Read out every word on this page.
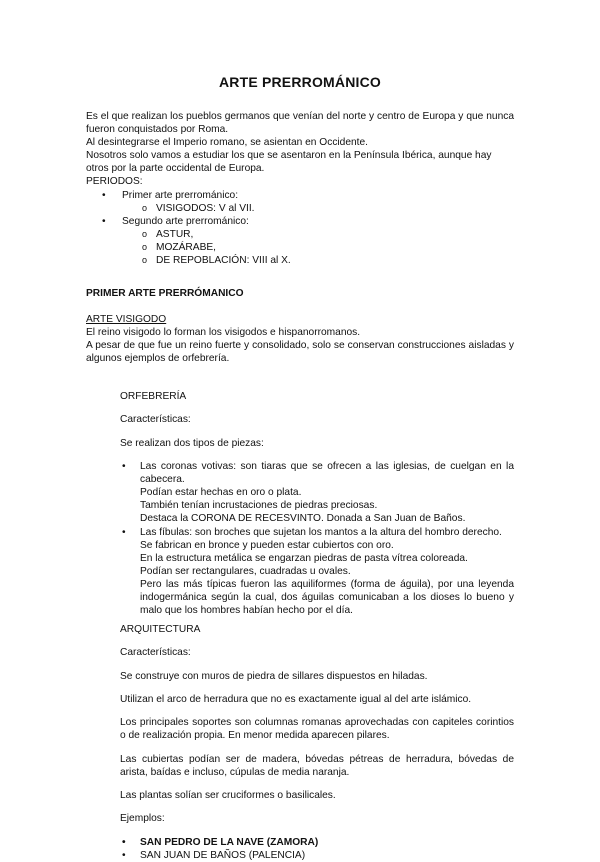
ARTE PRERROMÁNICO

Es el que realizan los pueblos germanos que venían del norte y centro de Europa y que nunca fueron conquistados por Roma.

Al desintegrarse el Imperio romano, se asientan en Occidente.

Nosotros solo vamos a estudiar los que se asentaron en la Península Ibérica, aunque hay otros por la parte occidental de Europa.

PERIODOS:

• Primer arte prerrománico:
o VISIGODOS: V al VII.
• Segundo arte prerrománico:
o ASTUR,
o MOZÁRABE,
o DE REPOBLACIÓN: VIII al X.
PRIMER ARTE PRERRÓMANICO

ARTE VISIGODO

El reino visigodo lo forman los visigodos e hispanorromanos.

A pesar de que fue un reino fuerte y consolidado, solo se conservan construcciones aisladas y algunos ejemplos de orfebrería.

ORFEBRERÍA

Características:

Se realizan dos tipos de piezas:

• Las coronas votivas: son tiaras que se ofrecen a las iglesias, de cuelgan en la cabecera.
Podían estar hechas en oro o plata.
También tenían incrustaciones de piedras preciosas.
Destaca la CORONA DE RECESVINTO. Donada a San Juan de Baños.
• Las fíbulas: son broches que sujetan los mantos a la altura del hombro derecho.
Se fabrican en bronce y pueden estar cubiertos con oro.
En la estructura metálica se engarzan piedras de pasta vítrea coloreada.
Podían ser rectangulares, cuadradas u ovales.
Pero las más típicas fueron las aquiliformes (forma de águila), por una leyenda indogermánica según la cual, dos águilas comunicaban a los dioses lo bueno y malo que los hombres habían hecho por el día.

ARQUITECTURA

Características:

Se construye con muros de piedra de sillares dispuestos en hiladas.

Utilizan el arco de herradura que no es exactamente igual al del arte islámico.

Los principales soportes son columnas romanas aprovechadas con capiteles corintios o de realización propia. En menor medida aparecen pilares.

Las cubiertas podían ser de madera, bóvedas pétreas de herradura, bóvedas de arista, baídas e incluso, cúpulas de media naranja.

Las plantas solían ser cruciformes o basilicales.

Ejemplos:

• SAN PEDRO DE LA NAVE (ZAMORA)
• SAN JUAN DE BAÑOS (PALENCIA)
